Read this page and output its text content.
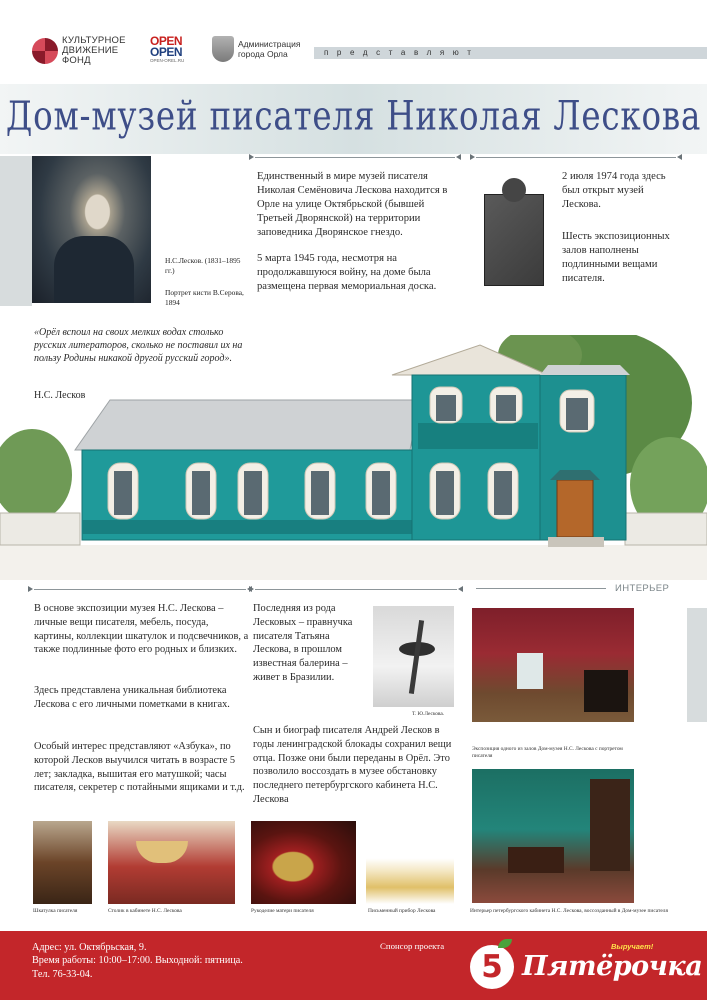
КУЛЬТУРНОЕ ДВИЖЕНИЕ ФОНД
OPEN
OPEN
OPEN-OREL.RU
Администрация города Орла	представляют
Дом-музей писателя Николая Лескова
Н.С.Лесков. (1831–1895 гг.)
Портрет кисти В.Серова, 1894
Единственный в мире музей писателя Николая Семёновича Лескова находится в Орле на улице Октябрьской (бывшей Третьей Дворянской) на территории заповедника Дворянское гнездо.
5 марта 1945 года, несмотря на продолжавшуюся войну, на доме была размещена первая мемориальная доска.
2 июля 1974 года здесь был открыт музей Лескова.
Шесть экспозиционных залов наполнены подлинными вещами писателя.
«Орёл вспоил на своих мелких водах столько русских литераторов, сколько не поставил их на пользу Родины никакой другой русский город».
Н.С. Лесков
ИНТЕРЬЕР
В основе экспозиции музея Н.С. Лескова – личные вещи писателя, мебель, посуда, картины, коллекции шкатулок и подсвечников, а также подлинные фото его родных и близких.
Здесь представлена уникальная библиотека Лескова с его личными пометками в книгах.
Особый интерес представляют «Азбука», по которой Лесков выучился читать в возрасте 5 лет; закладка, вышитая его матушкой; часы писателя, секретер с потайными ящиками и т.д.
Последняя из рода Лесковых – правнучка писателя Татьяна Лескова, в прошлом известная балерина – живет в Бразилии.
Сын и биограф писателя Андрей Лесков в годы ленинградской блокады сохранил вещи отца. Позже они были переданы в Орёл. Это позволило воссоздать в музее обстановку последнего петербургского кабинета Н.С. Лескова
Т. Ю.Лескова.
Экспозиция одного из залов Дом-музея Н.С. Лескова с портретом писателя
Интерьер петербургского кабинета Н.С. Лескова, воссозданный в Дом-музее писателя
Шкатулка писателя	Столик в кабинете Н.С. Лескова	Рукоделие матери писателя	Письменный прибор Лескова
Адрес: ул. Октябрьская, 9.
Время работы: 10:00–17:00. Выходной: пятница.
Тел. 76-33-04.
Спонсор проекта
5 Пятёрочка
Выручает!
